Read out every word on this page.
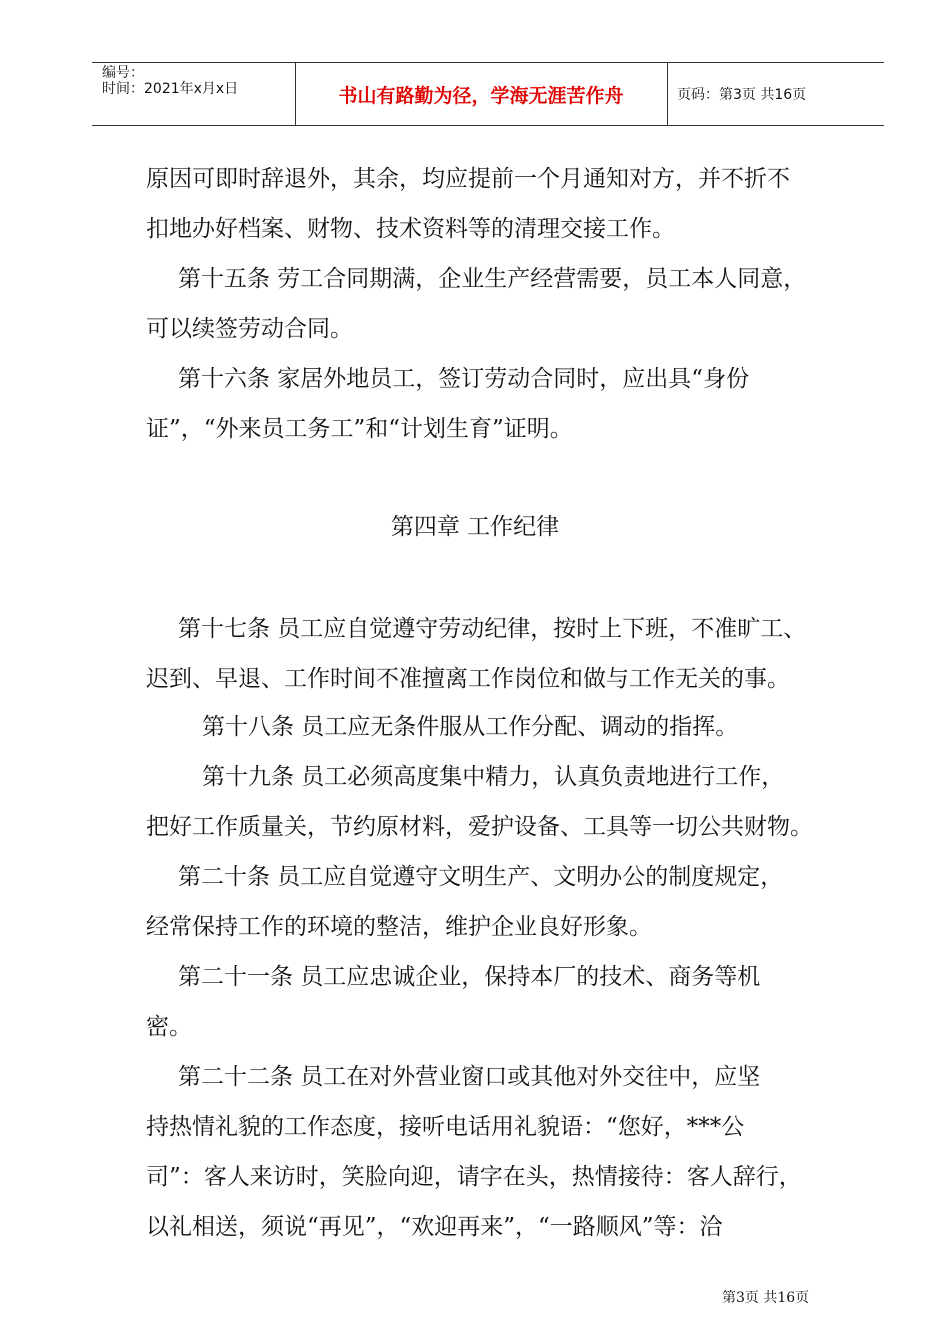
编号：
时间：2021年x月x日	书山有路勤为径，学海无涯苦作舟	页码：第3页 共16页
原因可即时辞退外，其余，均应提前一个月通知对方，并不折不
扣地办好档案、财物、技术资料等的清理交接工作。
第十五条 劳工合同期满，企业生产经营需要，员工本人同意，
可以续签劳动合同。
第十六条 家居外地员工，签订劳动合同时，应出具“身份
证”，“外来员工务工”和“计划生育”证明。
第四章 工作纪律
第十七条 员工应自觉遵守劳动纪律，按时上下班，不准旷工、
迟到、早退、工作时间不准擅离工作岗位和做与工作无关的事。
第十八条 员工应无条件服从工作分配、调动的指挥。
第十九条 员工必须高度集中精力，认真负责地进行工作，
把好工作质量关，节约原材料，爱护设备、工具等一切公共财物。
第二十条 员工应自觉遵守文明生产、文明办公的制度规定，
经常保持工作的环境的整洁，维护企业良好形象。
第二十一条 员工应忠诚企业，保持本厂的技术、商务等机
密。
第二十二条 员工在对外营业窗口或其他对外交往中，应坚
持热情礼貌的工作态度，接听电话用礼貌语：“您好，***公
司”：客人来访时，笑脸向迎，请字在头，热情接待：客人辞行，
以礼相送，须说“再见”，“欢迎再来”，“一路顺风”等：洽
第3页 共16页
